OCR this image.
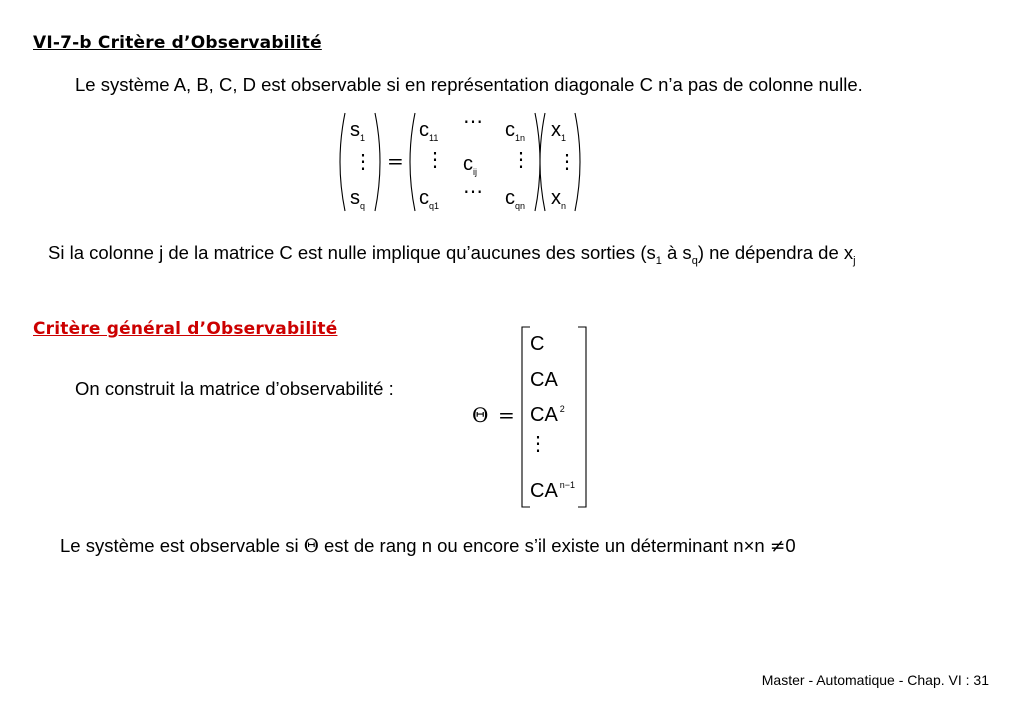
VI-7-b Critère d’Observabilité
Le système A, B, C, D est observable si en représentation diagonale C n’a pas de colonne nulle.
$s_1$
⋮
$s_q$
=
$c_{11}$
⋯ $c_{1n}$
⋮ $c_{ij}$
⋮
$c_{q1}$
⋯ $c_{qn}$
$x_1$
⋮
$x_n$
Si la colonne j de la matrice C est nulle implique qu’aucunes des sorties ($s_1$ à $s_q$) ne dépendra de $x_j$
Critère général d’Observabilité
On construit la matrice d’observabilité :
Θ =
C
CA
CA $^2$
⋮
CA $^{n-1}$
Le système est observable si Θ est de rang n ou encore s’il existe un déterminant n×n ≠0
Master - Automatique - Chap. VI : 31
